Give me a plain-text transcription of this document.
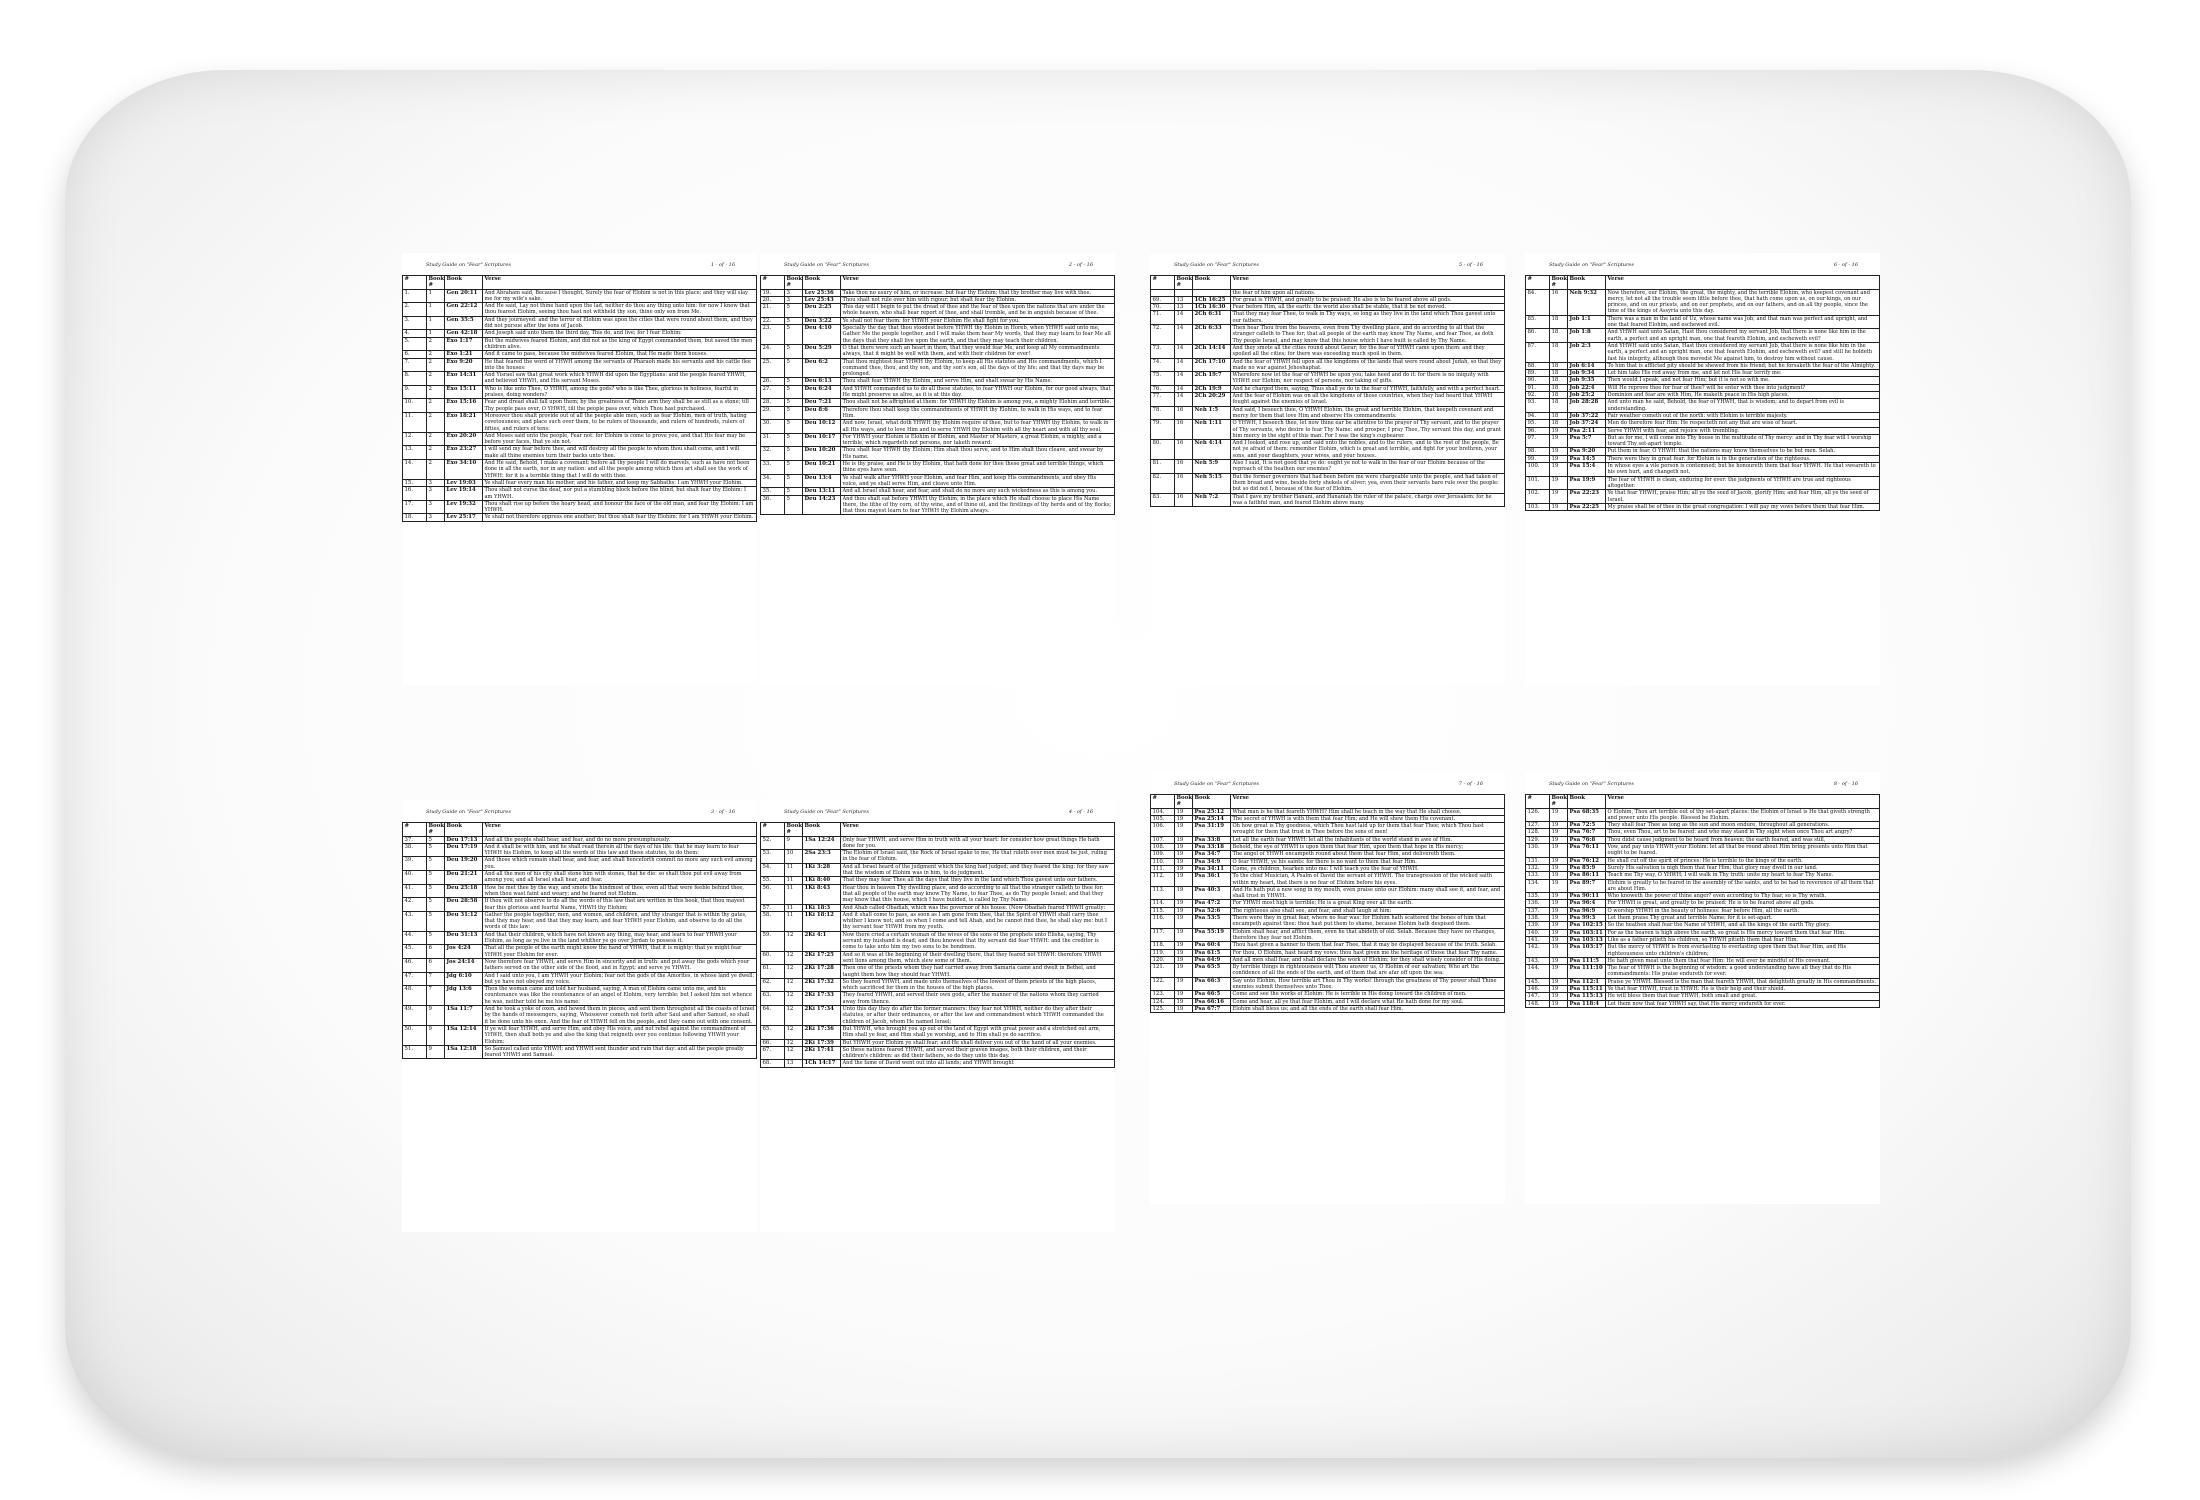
Study Guide on "Fear" Scriptures	1 - of - 16
#	Book #	Book	Verse
1.	1	Gen 20:11	And Abraham said, Because I thought, Surely the fear of Elohim is not in this place; and they will slay me for my wife's sake.
2.	1	Gen 22:12	And He said, Lay not thine hand upon the lad, neither do thou any thing unto him: for now I know that thou fearest Elohim, seeing thou hast not withheld thy son, thine only son from Me.
3.	1	Gen 35:5	And they journeyed: and the terror of Elohim was upon the cities that were round about them, and they did not pursue after the sons of Jacob.
4.	1	Gen 42:18	And Joseph said unto them the third day, This do, and live; for I fear Elohim:
5.	2	Exo 1:17	But the midwives feared Elohim, and did not as the king of Egypt commanded them, but saved the men children alive.
6.	2	Exo 1:21	And it came to pass, because the midwives feared Elohim, that He made them houses.
7.	2	Exo 9:20	He that feared the word of YHWH among the servants of Pharaoh made his servants and his cattle flee into the houses:
8.	2	Exo 14:31	And Yisrael saw that great work which YHWH did upon the Egyptians: and the people feared YHWH, and believed YHWH, and His servant Moses.
9.	2	Exo 15:11	Who is like unto Thee, O YHWH, among the gods? who is like Thee, glorious in holiness, fearful in praises, doing wonders?
10.	2	Exo 15:16	Fear and dread shall fall upon them; by the greatness of Thine arm they shall be as still as a stone; till Thy people pass over, O YHWH, till the people pass over, which Thou hast purchased.
11.	2	Exo 18:21	Moreover thou shalt provide out of all the people able men, such as fear Elohim, men of truth, hating covetousness; and place such over them, to be rulers of thousands, and rulers of hundreds, rulers of fifties, and rulers of tens:
12.	2	Exo 20:20	And Moses said unto the people, Fear not: for Elohim is come to prove you, and that His fear may be before your faces, that ye sin not.
13.	2	Exo 23:27	I will send my fear before thee, and will destroy all the people to whom thou shalt come, and I will make all thine enemies turn their backs unto thee.
14.	2	Exo 34:10	And He said, Behold, I make a covenant: before all thy people I will do marvels, such as have not been done in all the earth, nor in any nation: and all the people among which thou art shall see the work of YHWH: for it is a terrible thing that I will do with thee.
15.	3	Lev 19:03	Ye shall fear every man his mother, and his father, and keep my Sabbaths: I am YHWH your Elohim.
16.	3	Lev 19:14	Thou shalt not curse the deaf, nor put a stumbling block before the blind, but shalt fear thy Elohim: I am YHWH.
17.	3	Lev 19:32	Thou shalt rise up before the hoary head, and honour the face of the old man, and fear thy Elohim: I am YHWH.
18.	3	Lev 25:17	Ye shall not therefore oppress one another; but thou shalt fear thy Elohim: for I am YHWH your Elohim.
Study Guide on "Fear" Scriptures	2 - of - 16
#	Book #	Book	Verse
19.	3	Lev 25:36	Take thou no usury of him, or increase: but fear thy Elohim; that thy brother may live with thee.
20.	3	Lev 25:43	Thou shalt not rule over him with rigour; but shalt fear thy Elohim.
21.	5	Deu 2:25	This day will I begin to put the dread of thee and the fear of thee upon the nations that are under the whole heaven, who shall hear report of thee, and shall tremble, and be in anguish because of thee.
22.	5	Deu 3:22	Ye shall not fear them: for YHWH your Elohim He shall fight for you.
23.	5	Deu 4:10	Specially the day that thou stoodest before YHWH thy Elohim in Horeb, when YHWH said unto me, Gather Me the people together, and I will make them hear My words, that they may learn to fear Me all the days that they shall live upon the earth, and that they may teach their children.
24.	5	Deu 5:29	O that there were such an heart in them, that they would fear Me, and keep all My commandments always, that it might be well with them, and with their children for ever!
25.	5	Deu 6:2	That thou mightest fear YHWH thy Elohim, to keep all His statutes and His commandments, which I command thee, thou, and thy son, and thy son's son, all the days of thy life; and that thy days may be prolonged.
26.	5	Deu 6:13	Thou shalt fear YHWH thy Elohim, and serve Him, and shalt swear by His Name.
27.	5	Deu 6:24	And YHWH commanded us to do all these statutes, to fear YHWH our Elohim, for our good always, that He might preserve us alive, as it is at this day.
28.	5	Deu 7:21	Thou shalt not be affrighted at them: for YHWH thy Elohim is among you, a mighty Elohim and terrible.
29.	5	Deu 8:6	Therefore thou shalt keep the commandments of YHWH thy Elohim, to walk in His ways, and to fear Him.
30.	5	Deu 10:12	And now, Israel, what doth YHWH thy Elohim require of thee, but to fear YHWH thy Elohim, to walk in all His ways, and to love Him and to serve YHWH thy Elohim with all thy heart and with all thy soul,
31.	5	Deu 10:17	For YHWH your Elohim is Elohim of Elohim, and Master of Masters, a great Elohim, a mighty, and a terrible, which regardeth not persons, nor taketh reward:
32.	5	Deu 10:20	Thou shalt fear YHWH thy Elohim; Him shalt thou serve, and to Him shalt thou cleave, and swear by His name.
33.	5	Deu 10:21	He is thy praise, and He is thy Elohim, that hath done for thee these great and terrible things, which thine eyes have seen.
34.	5	Deu 13:4	Ye shall walk after YHWH your Elohim, and fear Him, and keep His commandments, and obey His voice, and ye shall serve Him, and cleave unto Him.
35.	5	Deu 13:11	And all Israel shall hear, and fear, and shall do no more any such wickedness as this is among you.
36.	5	Deu 14:23	And thou shalt eat before YHWH thy Elohim, in the place which He shall choose to place His Name there, the tithe of thy corn, of thy wine, and of thine oil, and the firstlings of thy herds and of thy flocks; that thou mayest learn to fear YHWH thy Elohim always.
Study Guide on "Fear" Scriptures	5 - of - 16
#	Book #	Book	Verse
			the fear of him upon all nations.
69.	13	1Ch 16:25	For great is YHWH, and greatly to be praised: He also is to be feared above all gods.
70.	13	1Ch 16:30	Fear before Him, all the earth: the world also shall be stable, that it be not moved.
71.	14	2Ch 6:31	That they may fear Thee, to walk in Thy ways, so long as they live in the land which Thou gavest unto our fathers.
72.	14	2Ch 6:33	Then hear Thou from the heavens, even from Thy dwelling place, and do according to all that the stranger calleth to Thee for; that all people of the earth may know Thy Name, and fear Thee, as doth Thy people Israel, and may know that this house which I have built is called by Thy Name.
73.	14	2Ch 14:14	And they smote all the cities round about Gerar; for the fear of YHWH came upon them: and they spoiled all the cities; for there was exceeding much spoil in them.
74.	14	2Ch 17:10	And the fear of YHWH fell upon all the kingdoms of the lands that were round about Judah, so that they made no war against Jehoshaphat.
75.	14	2Ch 19:7	Wherefore now let the fear of YHWH be upon you; take heed and do it: for there is no iniquity with YHWH our Elohim, nor respect of persons, nor taking of gifts.
76.	14	2Ch 19:9	And he charged them, saying, Thus shall ye do in the fear of YHWH, faithfully, and with a perfect heart.
77.	14	2Ch 20:29	And the fear of Elohim was on all the kingdoms of those countries, when they had heard that YHWH fought against the enemies of Israel.
78.	16	Neh 1:5	And said, I beseech thee, O YHWH Elohim, the great and terrible Elohim, that keepeth covenant and mercy for them that love Him and observe His commandments:
79.	16	Neh 1:11	O YHWH, I beseech thee, let now thine ear be attentive to the prayer of Thy servant, and to the prayer of Thy servants, who desire to fear Thy Name: and prosper, I pray Thee, Thy servant this day, and grant him mercy in the sight of this man. For I was the king's cupbearer.
80.	16	Neh 4:14	And I looked, and rose up, and said unto the nobles, and to the rulers, and to the rest of the people, Be not ye afraid of them: remember Elohim, which is great and terrible, and fight for your brethren, your sons, and your daughters, your wives, and your houses.
81.	16	Neh 5:9	Also I said, It is not good that ye do: ought ye not to walk in the fear of our Elohim because of the reproach of the heathen our enemies?
82.	16	Neh 5:15	But the former governors that had been before me were chargeable unto the people, and had taken of them bread and wine, beside forty shekels of silver; yea, even their servants bare rule over the people: but so did not I, because of the fear of Elohim.
83.	16	Neh 7:2	That I gave my brother Hanani, and Hananiah the ruler of the palace, charge over Jerusalem: for he was a faithful man, and feared Elohim above many.
Study Guide on "Fear" Scriptures	6 - of - 16
#	Book #	Book	Verse
84.	16	Neh 9:32	Now therefore, our Elohim, the great, the mighty, and the terrible Elohim, who keepest covenant and mercy, let not all the trouble seem little before thee, that hath come upon us, on our kings, on our princes, and on our priests, and on our prophets, and on our fathers, and on all thy people, since the time of the kings of Assyria unto this day.
85.	18	Job 1:1	There was a man in the land of Uz, whose name was Job; and that man was perfect and upright, and one that feared Elohim, and eschewed evil.
86.	18	Job 1:8	And YHWH said unto Satan, Hast thou considered my servant Job, that there is none like him in the earth, a perfect and an upright man, one that feareth Elohim, and escheweth evil?
87.	18	Job 2:3	And YHWH said unto Satan, Hast thou considered my servant Job, that there is none like him in the earth, a perfect and an upright man, one that feareth Elohim, and escheweth evil? and still he holdeth fast his integrity, although thou movedst Me against him, to destroy him without cause.
88.	18	Job 6:14	To him that is afflicted pity should be shewed from his friend; but he forsaketh the fear of the Almighty.
89.	18	Job 9:34	Let him take His rod away from me, and let not His fear terrify me:
90.	18	Job 9:35	Then would I speak, and not fear Him; but it is not so with me.
91.	18	Job 22:4	Will He reprove thee for fear of thee? will he enter with thee into judgment?
92.	18	Job 25:2	Dominion and fear are with Him, He maketh peace in His high places.
93.	18	Job 28:28	And unto man he said, Behold, the fear of YHWH, that is wisdom; and to depart from evil is understanding.
94.	18	Job 37:22	Fair weather cometh out of the north: with Elohim is terrible majesty.
95.	18	Job 37:24	Men do therefore fear Him: He respecteth not any that are wise of heart.
96.	19	Psa 2:11	Serve YHWH with fear, and rejoice with trembling.
97.	19	Psa 5:7	But as for me, I will come into Thy house in the multitude of Thy mercy: and in Thy fear will I worship toward Thy set-apart temple.
98.	19	Psa 9:20	Put them in fear, O YHWH: that the nations may know themselves to be but men. Selah.
99.	19	Psa 14:5	There were they in great fear: for Elohim is in the generation of the righteous.
100.	19	Psa 15:4	In whose eyes a vile person is contemned; but he honoureth them that fear YHWH. He that sweareth to his own hurt, and changeth not.
101.	19	Psa 19:9	The fear of YHWH is clean, enduring for ever: the judgments of YHWH are true and righteous altogether.
102.	19	Psa 22:23	Ye that fear YHWH, praise Him; all ye the seed of Jacob, glorify Him; and fear Him, all ye the seed of Israel.
103.	19	Psa 22:25	My praise shall be of thee in the great congregation: I will pay my vows before them that fear Him.
Study Guide on "Fear" Scriptures	3 - of - 16
#	Book #	Book	Verse
37.	5	Deu 17:13	And all the people shall hear, and fear, and do no more presumptuously.
38.	5	Deu 17:19	And it shall be with him, and he shall read therein all the days of his life: that he may learn to fear YHWH his Elohim, to keep all the words of this law and these statutes, to do them:
39.	5	Deu 19:20	And those which remain shall hear, and fear, and shall henceforth commit no more any such evil among you.
40.	5	Deu 21:21	And all the men of his city shall stone him with stones, that he die: so shalt thou put evil away from among you; and all Israel shall hear, and fear.
41.	5	Deu 25:18	How he met thee by the way, and smote the hindmost of thee, even all that were feeble behind thee, when thou wast faint and weary; and he feared not Elohim.
42.	5	Deu 28:58	If thou wilt not observe to do all the words of this law that are written in this book, that thou mayest fear this glorious and fearful Name, YHWH thy Elohim;
43.	5	Deu 31:12	Gather the people together, men, and women, and children, and thy stranger that is within thy gates, that they may hear, and that they may learn, and fear YHWH your Elohim, and observe to do all the words of this law:
44.	5	Deu 31:13	And that their children, which have not known any thing, may hear, and learn to fear YHWH your Elohim, as long as ye live in the land whither ye go over Jordan to possess it.
45.	6	Jos 4:24	That all the people of the earth might know the hand of YHWH, that it is mighty: that ye might fear YHWH your Elohim for ever.
46.	6	Jos 24:14	Now therefore fear YHWH, and serve Him in sincerity and in truth: and put away the gods which your fathers served on the other side of the flood, and in Egypt; and serve ye YHWH.
47.	7	Jdg 6:10	And I said unto you, I am YHWH your Elohim; fear not the gods of the Amorites, in whose land ye dwell: but ye have not obeyed my voice.
48.	7	Jdg 13:6	Then the woman came and told her husband, saying, A man of Elohim came unto me, and his countenance was like the countenance of an angel of Elohim, very terrible: but I asked him not whence he was, neither told he me his name:
49.	9	1Sa 11:7	And he took a yoke of oxen, and hewed them in pieces, and sent them throughout all the coasts of Israel by the hands of messengers, saying, Whosoever cometh not forth after Saul and after Samuel, so shall it be done unto his oxen. And the fear of YHWH fell on the people, and they came out with one consent.
50.	9	1Sa 12:14	If ye will fear YHWH, and serve Him, and obey His voice, and not rebel against the commandment of YHWH, then shall both ye and also the king that reigneth over you continue following YHWH your Elohim:
51.	9	1Sa 12:18	So Samuel called unto YHWH; and YHWH sent thunder and rain that day: and all the people greatly feared YHWH and Samuel.
Study Guide on "Fear" Scriptures	4 - of - 16
#	Book #	Book	Verse
52.	9	1Sa 12:24	Only fear YHWH, and serve Him in truth with all your heart: for consider how great things He hath done for you.
53.	10	2Sa 23:3	The Elohim of Israel said, the Rock of Israel spake to me, He that ruleth over men must be just, ruling in the fear of Elohim.
54.	11	1Ki 3:28	And all Israel heard of the judgment which the king had judged; and they feared the king: for they saw that the wisdom of Elohim was in him, to do judgment.
55.	11	1Ki 8:40	That they may fear Thee all the days that they live in the land which Thou gavest unto our fathers.
56.	11	1Ki 8:43	Hear thou in heaven Thy dwelling place, and do according to all that the stranger calleth to thee for: that all people of the earth may know Thy Name, to fear Thee, as do Thy people Israel; and that they may know that this house, which I have builded, is called by Thy Name.
57.	11	1Ki 18:3	And Ahab called Obadiah, which was the governor of his house. (Now Obadiah feared YHWH greatly:
58.	11	1Ki 18:12	And it shall come to pass, as soon as I am gone from thee, that the Spirit of YHWH shall carry thee whither I know not; and so when I come and tell Ahab, and he cannot find thee, he shall slay me: but I thy servant fear YHWH from my youth.
59.	12	2Ki 4:1	Now there cried a certain woman of the wives of the sons of the prophets unto Elisha, saying, Thy servant my husband is dead; and thou knowest that thy servant did fear YHWH: and the creditor is come to take unto him my two sons to be bondmen.
60.	12	2Ki 17:25	And so it was at the beginning of their dwelling there, that they feared not YHWH: therefore YHWH sent lions among them, which slew some of them.
61.	12	2Ki 17:28	Then one of the priests whom they had carried away from Samaria came and dwelt in Bethel, and taught them how they should fear YHWH.
62.	12	2Ki 17:32	So they feared YHWH, and made unto themselves of the lowest of them priests of the high places, which sacrificed for them in the houses of the high places.
63.	12	2Ki 17:33	They feared YHWH, and served their own gods, after the manner of the nations whom they carried away from thence.
64.	12	2Ki 17:34	Unto this day they do after the former manners: they fear not YHWH, neither do they after their statutes, or after their ordinances, or after the law and commandment which YHWH commanded the children of Jacob, whom He named Israel;
65.	12	2Ki 17:36	But YHWH, who brought you up out of the land of Egypt with great power and a stretched out arm, Him shall ye fear, and Him shall ye worship, and to Him shall ye do sacrifice.
66.	12	2Ki 17:39	But YHWH your Elohim ye shall fear; and He shall deliver you out of the hand of all your enemies.
67.	12	2Ki 17:41	So these nations feared YHWH, and served their graven images, both their children, and their children's children: as did their fathers, so do they unto this day.
68.	13	1Ch 14:17	And the fame of David went out into all lands; and YHWH brought
Study Guide on "Fear" Scriptures	7 - of - 16
#	Book #	Book	Verse
104.	19	Psa 25:12	What man is he that feareth YHWH? Him shall he teach in the way that He shall choose.
105.	19	Psa 25:14	The secret of YHWH is with them that fear Him; and He will shew them His covenant.
106.	19	Psa 31:19	Oh how great is Thy goodness, which Thou hast laid up for them that fear Thee; which Thou hast wrought for them that trust in Thee before the sons of men!
107.	19	Psa 33:8	Let all the earth fear YHWH: let all the inhabitants of the world stand in awe of Him.
108.	19	Psa 33:18	Behold, the eye of YHWH is upon them that fear Him, upon them that hope in His mercy;
109.	19	Psa 34:7	The angel of YHWH encampeth round about them that fear Him, and delivereth them.
110.	19	Psa 34:9	O fear YHWH, ye his saints: for there is no want to them that fear Him.
111.	19	Psa 34:11	Come, ye children, hearken unto me: I will teach you the fear of YHWH.
112.	19	Psa 36:1	To the chief Musician, A Psalm of David the servant of YHWH. The transgression of the wicked saith within my heart, that there is no fear of Elohim before his eyes.
113.	19	Psa 40:3	And He hath put a new song in my mouth, even praise unto our Elohim: many shall see it, and fear, and shall trust in YHWH.
114.	19	Psa 47:2	For YHWH most high is terrible; He is a great King over all the earth.
115.	19	Psa 52:6	The righteous also shall see, and fear, and shall laugh at him:
116.	19	Psa 53:5	There were they in great fear, where no fear was: for Elohim hath scattered the bones of him that encampeth against thee: thou hast put them to shame, because Elohim hath despised them.
117.	19	Psa 55:19	Elohim shall hear, and afflict them, even he that abideth of old. Selah. Because they have no changes, therefore they fear not Elohim.
118.	19	Psa 60:4	Thou hast given a banner to them that fear Thee, that it may be displayed because of the truth. Selah.
119.	19	Psa 61:5	For thou, O Elohim, hast heard my vows: thou hast given me the heritage of those that fear Thy name.
120.	19	Psa 64:9	And all men shall fear, and shall declare the work of Elohim; for they shall wisely consider of His doing.
121.	19	Psa 65:5	By terrible things in righteousness wilt Thou answer us, O Elohim of our salvation; Who art the confidence of all the ends of the earth, and of them that are afar off upon the sea:
122.	19	Psa 66:3	Say unto Elohim, How terrible art Thou in Thy works! through the greatness of Thy power shall Thine enemies submit themselves unto Thee.
123.	19	Psa 66:5	Come and see the works of Elohim: He is terrible in His doing toward the children of men.
124.	19	Psa 66:16	Come and hear, all ye that fear Elohim, and I will declare what He hath done for my soul.
125.	19	Psa 67:7	Elohim shall bless us; and all the ends of the earth shall fear Him.
Study Guide on "Fear" Scriptures	8 - of - 16
#	Book #	Book	Verse
126.	19	Psa 68:35	O Elohim, Thou art terrible out of thy set-apart places: the Elohim of Israel is He that giveth strength and power unto His people. Blessed be Elohim.
127.	19	Psa 72:5	They shall fear Thee as long as the sun and moon endure, throughout all generations.
128.	19	Psa 76:7	Thou, even Thou, art to be feared: and who may stand in Thy sight when once Thou art angry?
129.	19	Psa 76:8	Thou didst cause judgment to be heard from heaven; the earth feared, and was still,
130.	19	Psa 76:11	Vow, and pay unto YHWH your Elohim: let all that be round about Him bring presents unto Him that ought to be feared.
131.	19	Psa 76:12	He shall cut off the spirit of princes: He is terrible to the kings of the earth.
132.	19	Psa 85:9	Surely His salvation is nigh them that fear Him; that glory may dwell in our land.
133.	19	Psa 86:11	Teach me Thy way, O YHWH; I will walk in Thy truth: unite my heart to fear Thy Name.
134.	19	Psa 89:7	Elohim is greatly to be feared in the assembly of the saints, and to be had in reverence of all them that are about Him.
135.	19	Psa 90:11	Who knoweth the power of thine anger? even according to Thy fear, so is Thy wrath.
136.	19	Psa 96:4	For YHWH is great, and greatly to be praised: He is to be feared above all gods.
137.	19	Psa 96:9	O worship YHWH in the beauty of holiness: fear before Him, all the earth.
138.	19	Psa 99:3	Let them praise Thy great and terrible Name; for it is set-apart.
139.	19	Psa 102:15	So the heathen shall fear the Name of YHWH, and all the kings of the earth Thy glory.
140.	19	Psa 103:11	For as the heaven is high above the earth, so great is His mercy toward them that fear Him.
141.	19	Psa 103:13	Like as a father pitieth his children, so YHWH pitieth them that fear Him.
142.	19	Psa 103:17	But the mercy of YHWH is from everlasting to everlasting upon them that fear Him, and His righteousness unto children's children;
143.	19	Psa 111:5	He hath given meat unto them that fear Him: He will ever be mindful of His covenant.
144.	19	Psa 111:10	The fear of YHWH is the beginning of wisdom: a good understanding have all they that do His commandments: His praise endureth for ever.
145.	19	Psa 112:1	Praise ye YHWH. Blessed is the man that feareth YHWH, that delighteth greatly in His commandments.
146.	19	Psa 115:11	Ye that fear YHWH, trust in YHWH: He is their help and their shield.
147.	19	Psa 115:13	He will bless them that fear YHWH, both small and great.
148.	19	Psa 118:4	Let them now that fear YHWH say, that His mercy endureth for ever.
